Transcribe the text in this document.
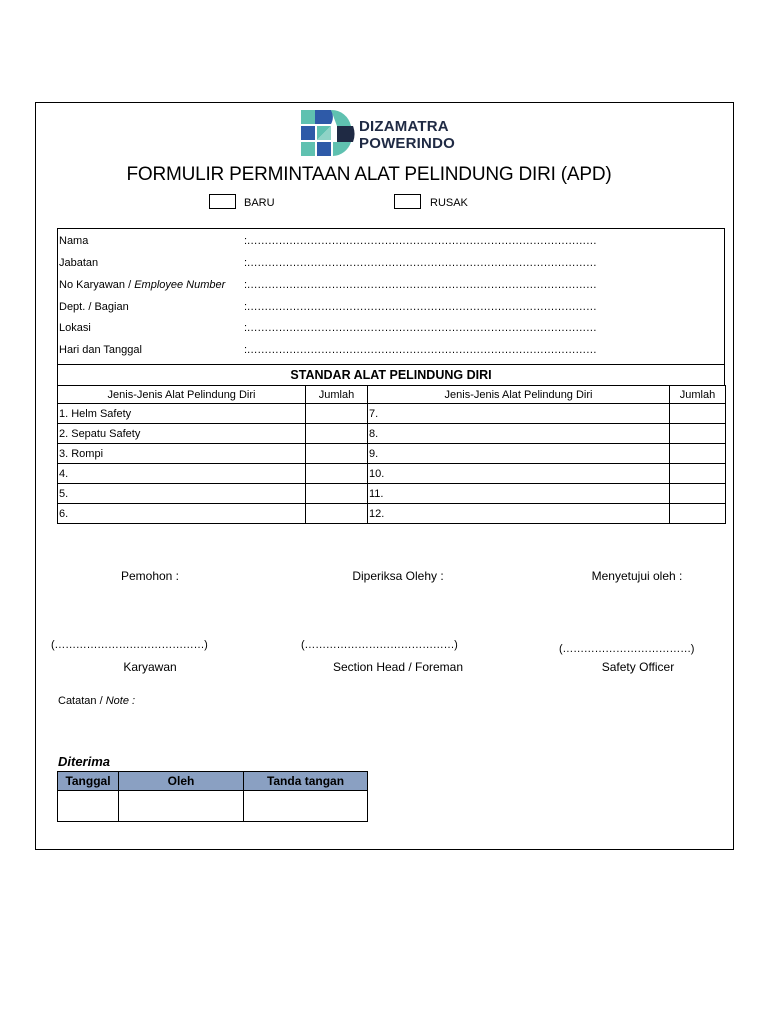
DIZAMATRA
POWERINDO
FORMULIR PERMINTAAN ALAT PELINDUNG DIRI (APD)
BARU	RUSAK
Nama	:………………………………………………………………………………………
Jabatan	:………………………………………………………………………………………
No Karyawan / Employee Number :………………………………………………………………………………………
Dept. / Bagian	:………………………………………………………………………………………
Lokasi	:………………………………………………………………………………………
Hari dan Tanggal	:………………………………………………………………………………………
STANDAR ALAT PELINDUNG DIRI
Jenis-Jenis Alat Pelindung Diri	Jumlah	Jenis-Jenis Alat Pelindung Diri	Jumlah
1. Helm Safety		7.	
2. Sepatu Safety		8.	
3. Rompi		9.	
4.		10.	
5.		11.	
6.		12.	
Pemohon :	Diperiksa Olehy :	Menyetujui oleh :
(……………………………………)	(……………………………………)	(………………………………)
Karyawan	Section Head / Foreman	Safety Officer
Catatan / Note :
Diterima
Tanggal	Oleh	Tanda tangan
